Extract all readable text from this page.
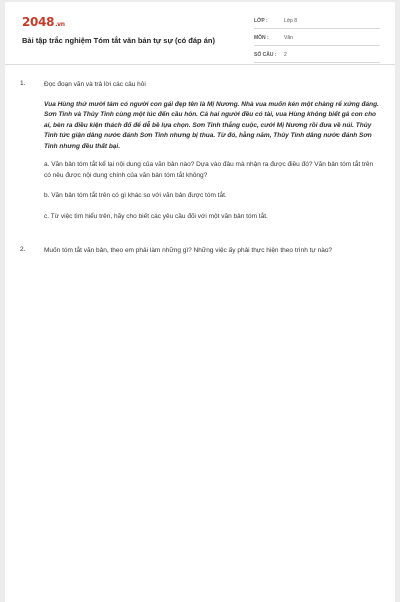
2048.vn
Bài tập trắc nghiệm Tóm tắt văn bản tự sự (có đáp án)
LỚP :	Lớp 8
MÔN :	Văn
SỐ CÂU :	2
1.	Đọc đoạn văn và trả lời các câu hỏi

Vua Hùng thứ mười tám có người con gái đẹp tên là Mị Nương. Nhà vua muốn kén một chàng rể xứng đáng. Sơn Tinh và Thủy Tinh cùng một lúc đến cầu hôn. Cả hai người đều có tài, vua Hùng không biết gả con cho ai, bèn ra điều kiện thách đố để dễ bề lựa chọn. Sơn Tinh thắng cuộc, cưới Mị Nương rồi đưa về núi. Thủy Tinh tức giận dâng nước đánh Sơn Tinh nhưng bị thua. Từ đó, hằng năm, Thủy Tinh dâng nước đánh Sơn Tinh nhưng đều thất bại.

a. Văn bản tóm tắt kể lại nội dung của văn bản nào? Dựa vào đâu mà nhận ra được điều đó? Văn bản tóm tắt trên có nêu được nội dung chính của văn bản tóm tắt không?

b. Văn bản tóm tắt trên có gì khác so với văn bản được tóm tắt.

c. Từ việc tìm hiểu trên, hãy cho biết các yêu cầu đối với một văn bản tóm tắt.

2.	Muốn tóm tắt văn bản, theo em phải làm những gì? Những việc ấy phải thực hiện theo trình tự nào?
